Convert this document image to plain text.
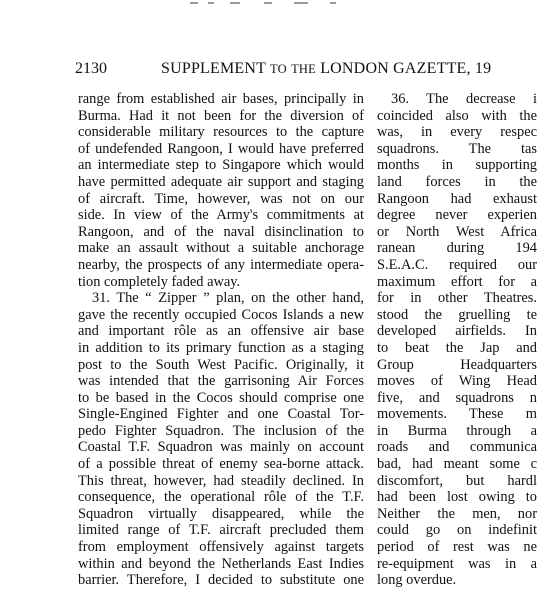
2130	SUPPLEMENT TO THE LONDON GAZETTE, 19
range from established air bases, principally in
Burma. Had it not been for the diversion of
considerable military resources to the capture
of undefended Rangoon, I would have preferred
an intermediate step to Singapore which would
have permitted adequate air support and staging
of aircraft. Time, however, was not on our
side. In view of the Army's commitments at
Rangoon, and of the naval disinclination to
make an assault without a suitable anchorage
nearby, the prospects of any intermediate opera-
tion completely faded away.
31. The “ Zipper ” plan, on the other hand,
gave the recently occupied Cocos Islands a new
and important rôle as an offensive air base
in addition to its primary function as a staging
post to the South West Pacific. Originally, it
was intended that the garrisoning Air Forces
to be based in the Cocos should comprise one
Single-Engined Fighter and one Coastal Tor-
pedo Fighter Squadron. The inclusion of the
Coastal T.F. Squadron was mainly on account
of a possible threat of enemy sea-borne attack.
This threat, however, had steadily declined. In
consequence, the operational rôle of the T.F.
Squadron virtually disappeared, while the
limited range of T.F. aircraft precluded them
from employment offensively against targets
within and beyond the Netherlands East Indies
barrier. Therefore, I decided to substitute one
36. The decrease i
coincided also with the
was, in every respec
squadrons. The tas
months in supporting
land forces in the
Rangoon had exhaust
degree never experien
or North West Africa
ranean during 194
S.E.A.C. required our
maximum effort for a
for in other Theatres.
stood the gruelling te
developed airfields. In
to beat the Jap and
Group Headquarters
moves of Wing Head
five, and squadrons n
movements. These m
in Burma through a
roads and communica
bad, had meant some c
discomfort, but hardl
had been lost owing to
Neither the men, nor
could go on indefinit
period of rest was ne
re-equipment was in a
long overdue.
